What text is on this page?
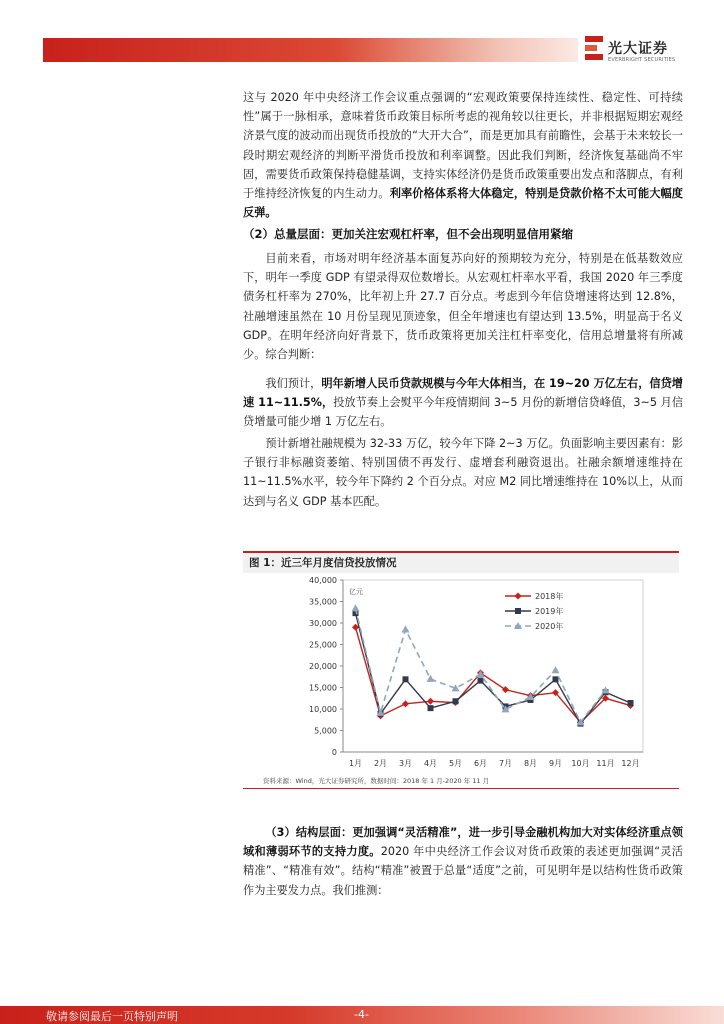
光大证券
EVERBRIGHT SECURITIES

这与 2020 年中央经济工作会议重点强调的“宏观政策要保持连续性、稳定性、可持续性”属于一脉相承，意味着货币政策目标所考虑的视角较以往更长，并非根据短期宏观经济景气度的波动而出现货币投放的“大开大合”，而是更加具有前瞻性，会基于未来较长一段时期宏观经济的判断平滑货币投放和利率调整。因此我们判断，经济恢复基础尚不牢固，需要货币政策保持稳健基调，支持实体经济仍是货币政策重要出发点和落脚点，有利于维持经济恢复的内生动力。利率价格体系将大体稳定，特别是贷款价格不太可能大幅度反弹。

（2）总量层面：更加关注宏观杠杆率，但不会出现明显信用紧缩

目前来看，市场对明年经济基本面复苏向好的预期较为充分，特别是在低基数效应下，明年一季度 GDP 有望录得双位数增长。从宏观杠杆率水平看，我国 2020 年三季度债务杠杆率为 270%，比年初上升 27.7 百分点。考虑到今年信贷增速将达到 12.8%，社融增速虽然在 10 月份呈现见顶迹象，但全年增速也有望达到 13.5%，明显高于名义 GDP。在明年经济向好背景下，货币政策将更加关注杠杆率变化，信用总增量将有所减少。综合判断：

我们预计，明年新增人民币贷款规模与今年大体相当，在 19~20 万亿左右，信贷增速 11~11.5%，投放节奏上会熨平今年疫情期间 3~5 月份的新增信贷峰值，3~5 月信贷增量可能少增 1 万亿左右。

预计新增社融规模为 32-33 万亿，较今年下降 2~3 万亿。负面影响主要因素有：影子银行非标融资萎缩、特别国债不再发行、虚增套利融资退出。社融余额增速维持在 11~11.5%水平，较今年下降约 2 个百分点。对应 M2 同比增速维持在 10%以上，从而达到与名义 GDP 基本匹配。

图 1：近三年月度信贷投放情况
40,000
35,000
30,000
25,000
20,000
15,000
10,000
5,000
0
亿元
1月 2月 3月 4月 5月 6月 7月 8月 9月 10月 11月 12月
2018年
2019年
2020年
资料来源：Wind，光大证券研究所，数据时间：2018 年 1 月-2020 年 11 月

（3）结构层面：更加强调“灵活精准”，进一步引导金融机构加大对实体经济重点领域和薄弱环节的支持力度。2020 年中央经济工作会议对货币政策的表述更加强调“灵活精准”、“精准有效”。结构“精准”被置于总量“适度”之前，可见明年是以结构性货币政策作为主要发力点。我们推测：

敬请参阅最后一页特别声明	-4-
